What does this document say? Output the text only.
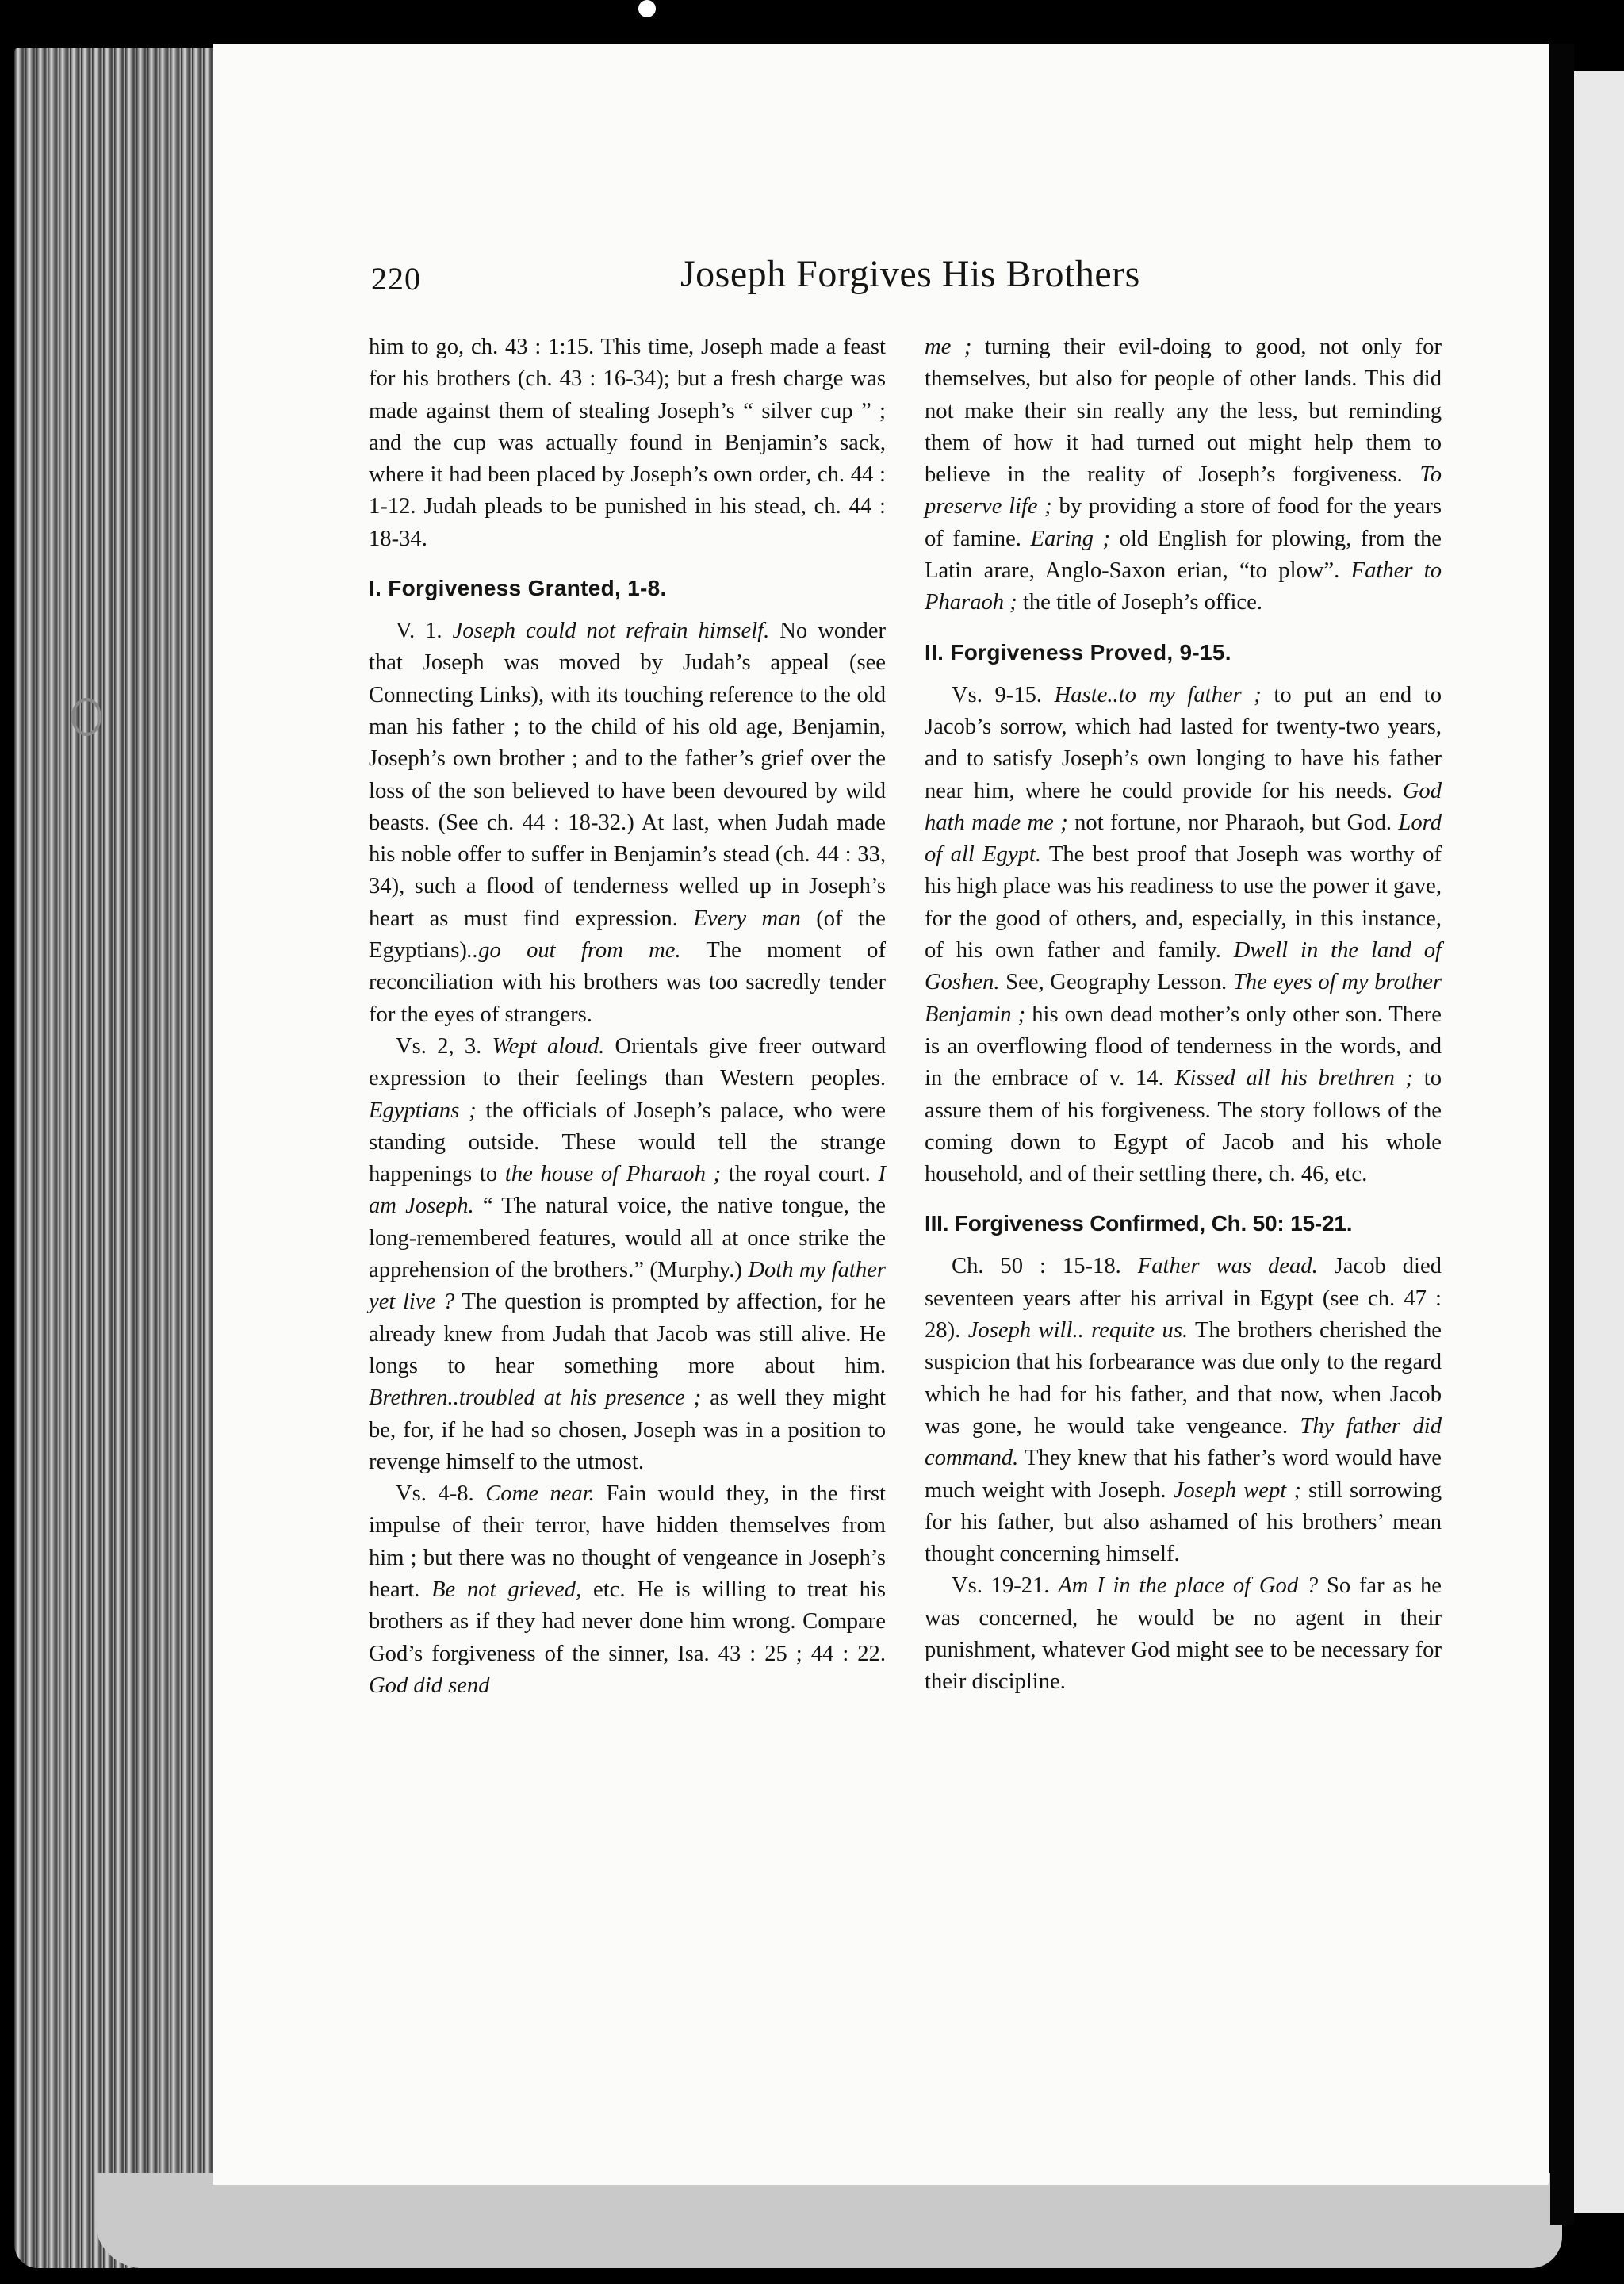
220	Joseph Forgives His Brothers

him to go, ch. 43 : 1:15. This time, Joseph made a feast for his brothers (ch. 43 : 16-34); but a fresh charge was made against them of stealing Joseph’s “ silver cup ” ; and the cup was actually found in Benjamin’s sack, where it had been placed by Joseph’s own order, ch. 44 : 1-12. Judah pleads to be punished in his stead, ch. 44 : 18-34.

I. Forgiveness Granted, 1-8.

V. 1. Joseph could not refrain himself. No wonder that Joseph was moved by Judah’s appeal (see Connecting Links), with its touching reference to the old man his father ; to the child of his old age, Benjamin, Joseph’s own brother ; and to the father’s grief over the loss of the son believed to have been devoured by wild beasts. (See ch. 44 : 18-32.) At last, when Judah made his noble offer to suffer in Benjamin’s stead (ch. 44 : 33, 34), such a flood of tenderness welled up in Joseph’s heart as must find expression. Every man (of the Egyptians)..go out from me. The moment of reconciliation with his brothers was too sacredly tender for the eyes of strangers.

Vs. 2, 3. Wept aloud. Orientals give freer outward expression to their feelings than Western peoples. Egyptians ; the officials of Joseph’s palace, who were standing outside. These would tell the strange happenings to the house of Pharaoh ; the royal court. I am Joseph. “ The natural voice, the native tongue, the long-remembered features, would all at once strike the apprehension of the brothers.” (Murphy.) Doth my father yet live ? The question is prompted by affection, for he already knew from Judah that Jacob was still alive. He longs to hear something more about him. Brethren..troubled at his presence ; as well they might be, for, if he had so chosen, Joseph was in a position to revenge himself to the utmost.

Vs. 4-8. Come near. Fain would they, in the first impulse of their terror, have hidden themselves from him ; but there was no thought of vengeance in Joseph’s heart. Be not grieved, etc. He is willing to treat his brothers as if they had never done him wrong. Compare God’s forgiveness of the sinner, Isa. 43 : 25 ; 44 : 22. God did send

me ; turning their evil-doing to good, not only for themselves, but also for people of other lands. This did not make their sin really any the less, but reminding them of how it had turned out might help them to believe in the reality of Joseph’s forgiveness. To preserve life ; by providing a store of food for the years of famine. Earing ; old English for plowing, from the Latin arare, Anglo-Saxon erian, “to plow”. Father to Pharaoh ; the title of Joseph’s office.

II. Forgiveness Proved, 9-15.

Vs. 9-15. Haste..to my father ; to put an end to Jacob’s sorrow, which had lasted for twenty-two years, and to satisfy Joseph’s own longing to have his father near him, where he could provide for his needs. God hath made me ; not fortune, nor Pharaoh, but God. Lord of all Egypt. The best proof that Joseph was worthy of his high place was his readiness to use the power it gave, for the good of others, and, especially, in this instance, of his own father and family. Dwell in the land of Goshen. See, Geography Lesson. The eyes of my brother Benjamin ; his own dead mother’s only other son. There is an overflowing flood of tenderness in the words, and in the embrace of v. 14. Kissed all his brethren ; to assure them of his forgiveness. The story follows of the coming down to Egypt of Jacob and his whole household, and of their settling there, ch. 46, etc.

III. Forgiveness Confirmed, Ch. 50: 15-21.

Ch. 50 : 15-18. Father was dead. Jacob died seventeen years after his arrival in Egypt (see ch. 47 : 28). Joseph will.. requite us. The brothers cherished the suspicion that his forbearance was due only to the regard which he had for his father, and that now, when Jacob was gone, he would take vengeance. Thy father did command. They knew that his father’s word would have much weight with Joseph. Joseph wept ; still sorrowing for his father, but also ashamed of his brothers’ mean thought concerning himself.

Vs. 19-21. Am I in the place of God ? So far as he was concerned, he would be no agent in their punishment, whatever God might see to be necessary for their discipline.
